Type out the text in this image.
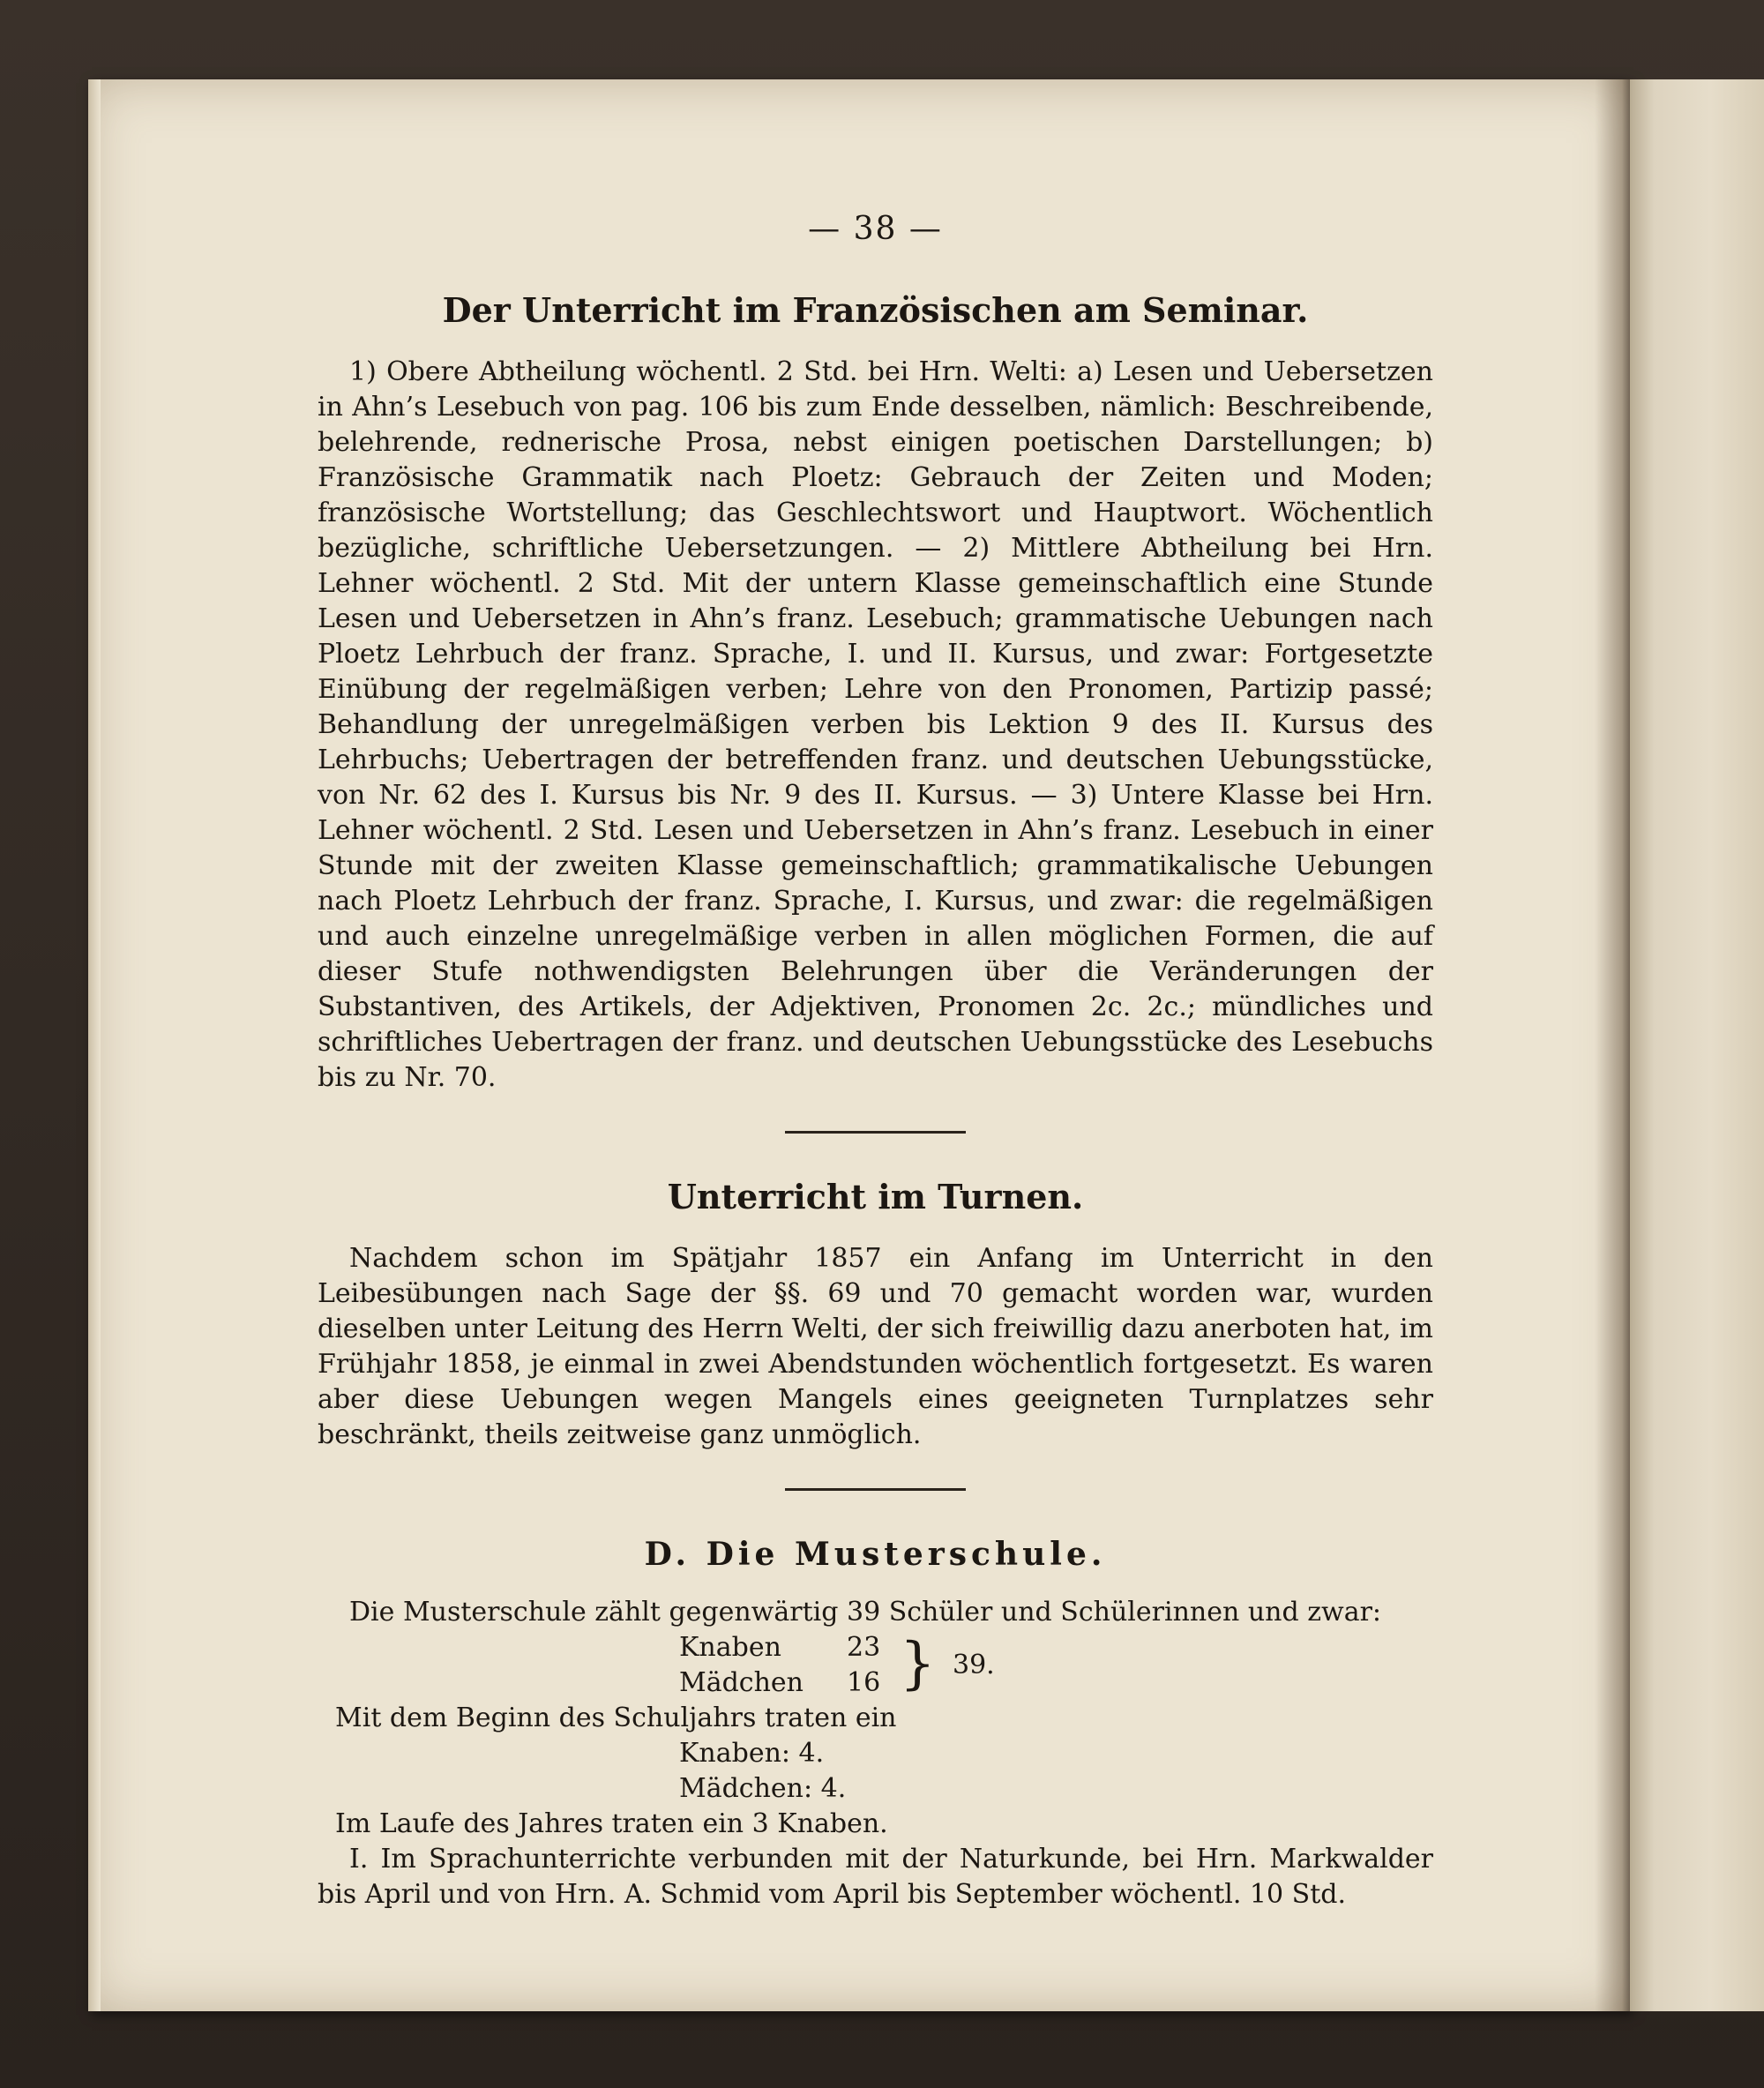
— 38 —
Der Unterricht im Französischen am Seminar.

1) Obere Abtheilung wöchentl. 2 Std. bei Hrn. Welti: a) Lesen und Uebersetzen in Ahn’s Lesebuch von pag. 106 bis zum Ende desselben, nämlich: Beschreibende, belehrende, rednerische Prosa, nebst einigen poetischen Darstellungen; b) Französische Grammatik nach Ploetz: Gebrauch der Zeiten und Moden; französische Wortstellung; das Geschlechtswort und Hauptwort. Wöchentlich bezügliche, schriftliche Uebersetzungen. — 2) Mittlere Abtheilung bei Hrn. Lehner wöchentl. 2 Std. Mit der untern Klasse gemeinschaftlich eine Stunde Lesen und Uebersetzen in Ahn’s franz. Lesebuch; grammatische Uebungen nach Ploetz Lehrbuch der franz. Sprache, I. und II. Kursus, und zwar: Fortgesetzte Einübung der regelmäßigen verben; Lehre von den Pronomen, Partizip passé; Behandlung der unregelmäßigen verben bis Lektion 9 des II. Kursus des Lehrbuchs; Uebertragen der betreffenden franz. und deutschen Uebungsstücke, von Nr. 62 des I. Kursus bis Nr. 9 des II. Kursus. — 3) Untere Klasse bei Hrn. Lehner wöchentl. 2 Std. Lesen und Uebersetzen in Ahn’s franz. Lesebuch in einer Stunde mit der zweiten Klasse gemeinschaftlich; grammatikalische Uebungen nach Ploetz Lehrbuch der franz. Sprache, I. Kursus, und zwar: die regelmäßigen und auch einzelne unregelmäßige verben in allen möglichen Formen, die auf dieser Stufe nothwendigsten Belehrungen über die Veränderungen der Substantiven, des Artikels, der Adjektiven, Pronomen 2c. 2c.; mündliches und schriftliches Uebertragen der franz. und deutschen Uebungsstücke des Lesebuchs bis zu Nr. 70.

Unterricht im Turnen.

Nachdem schon im Spätjahr 1857 ein Anfang im Unterricht in den Leibesübungen nach Sage der §§. 69 und 70 gemacht worden war, wurden dieselben unter Leitung des Herrn Welti, der sich freiwillig dazu anerboten hat, im Frühjahr 1858, je einmal in zwei Abendstunden wöchentlich fortgesetzt. Es waren aber diese Uebungen wegen Mangels eines geeigneten Turnplatzes sehr beschränkt, theils zeitweise ganz unmöglich.

D. Die Musterschule.

Die Musterschule zählt gegenwärtig 39 Schüler und Schülerinnen und zwar:

Knaben 23
Mädchen 16 } 39.

Mit dem Beginn des Schuljahrs traten ein

Knaben: 4.

Mädchen: 4.

Im Laufe des Jahres traten ein 3 Knaben.

I. Im Sprachunterrichte verbunden mit der Naturkunde, bei Hrn. Markwalder bis April und von Hrn. A. Schmid vom April bis September wöchentl. 10 Std.
